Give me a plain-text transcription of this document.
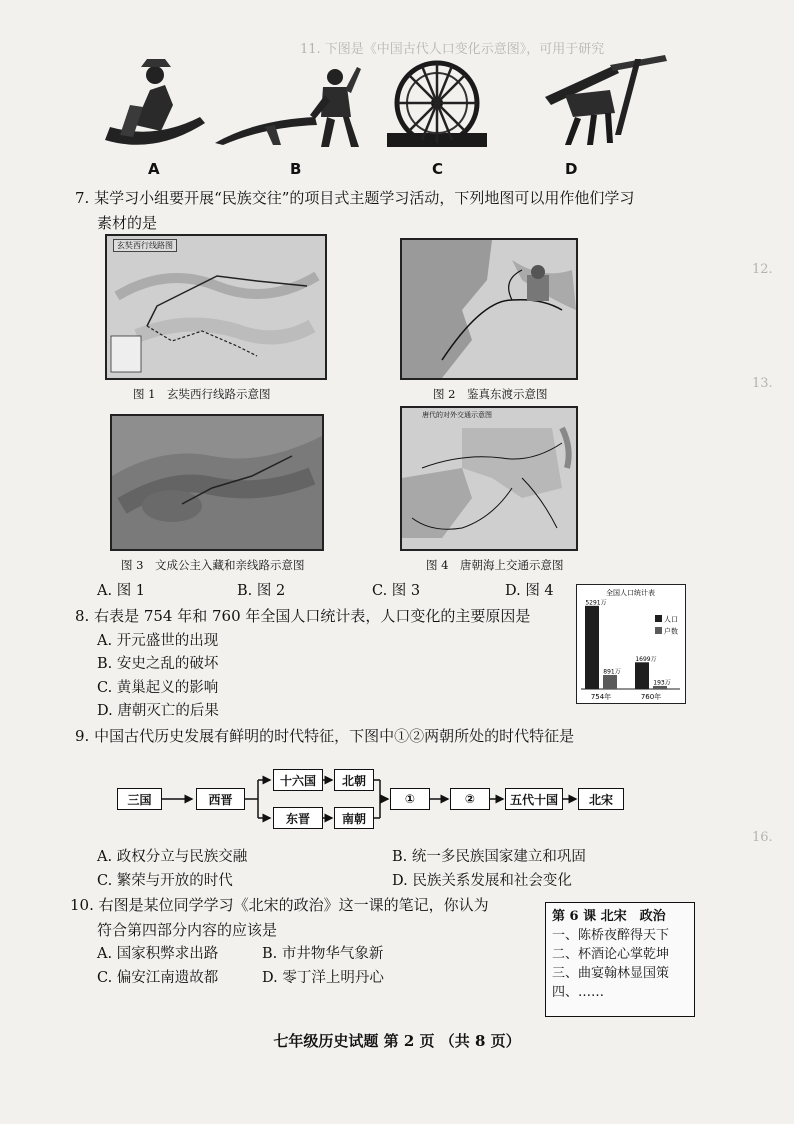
11. 下图是《中国古代人口变化示意图》，可用于研究
12.
13.
16.
A	B	C	D
7. 某学习小组要开展“民族交往”的项目式主题学习活动，下列地图可以用作他们学习
素材的是
玄奘西行线路图
图 1　玄奘西行线路示意图	图 2　鉴真东渡示意图
唐代的对外交通示意图
图 3　文成公主入藏和亲线路示意图	图 4　唐朝海上交通示意图
A. 图 1	B. 图 2	C. 图 3	D. 图 4
8. 右表是 754 年和 760 年全国人口统计表，人口变化的主要原因是
A. 开元盛世的出现
B. 安史之乱的破坏
C. 黄巢起义的影响
D. 唐朝灭亡的后果
全国人口统计表
5291万
891万
754年
1699万
193万
760年
人口
户数
9. 中国古代历史发展有鲜明的时代特征，下图中①②两朝所处的时代特征是
三国	西晋
十六国	北朝
东晋	南朝
①	②	五代十国	北宋
A. 政权分立与民族交融	B. 统一多民族国家建立和巩固
C. 繁荣与开放的时代	D. 民族关系发展和社会变化
10. 右图是某位同学学习《北宋的政治》这一课的笔记，你认为
符合第四部分内容的应该是
A. 国家积弊求出路	B. 市井物华气象新
C. 偏安江南遗故都	D. 零丁洋上明丹心
第 6 课 北宋　政治
一、陈桥夜醉得天下
二、杯酒论心掌乾坤
三、曲宴翰林显国策
四、……
七年级历史试题 第 2 页 （共 8 页）
